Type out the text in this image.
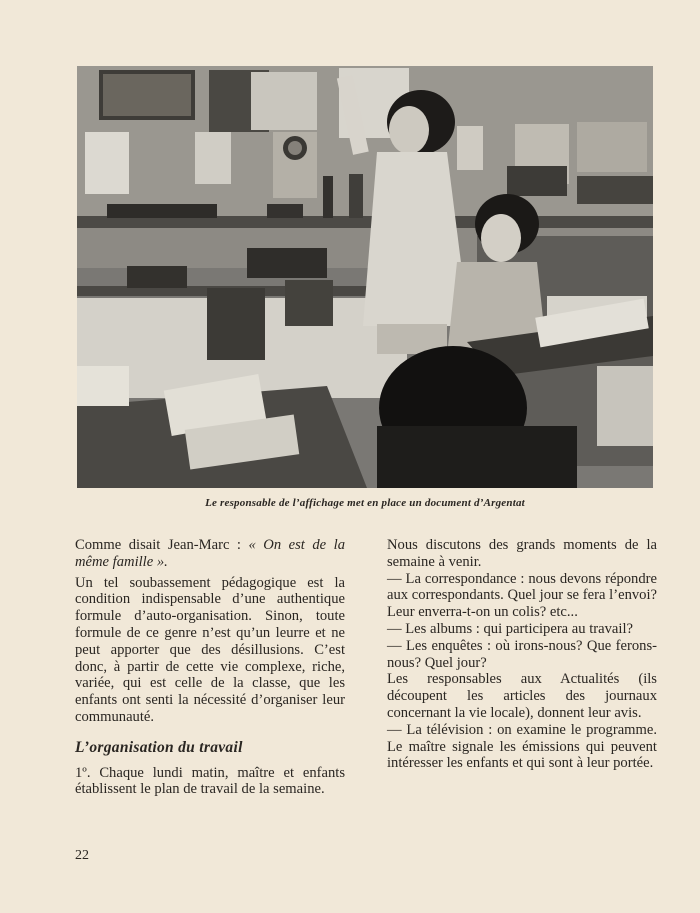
Le responsable de l’affichage met en place un document d’Argentat

Comme disait Jean-Marc : « On est de la même famille ».

Un tel soubassement pédagogique est la condition indispensable d’une authentique formule d’auto-organisation. Sinon, toute formule de ce genre n’est qu’un leurre et ne peut apporter que des désillusions. C’est donc, à partir de cette vie complexe, riche, variée, qui est celle de la classe, que les enfants ont senti la nécessité d’organiser leur communauté.

L’organisation du travail

1º. Chaque lundi matin, maître et enfants établissent le plan de travail de la semaine.

Nous discutons des grands moments de la semaine à venir.

— La correspondance : nous devons répondre aux correspondants. Quel jour se fera l’envoi? Leur enverra-t-on un colis? etc...

— Les albums : qui participera au travail?

— Les enquêtes : où irons-nous? Que ferons-nous? Quel jour?

Les responsables aux Actualités (ils découpent les articles des journaux concernant la vie locale), donnent leur avis.

— La télévision : on examine le programme. Le maître signale les émissions qui peuvent intéresser les enfants et qui sont à leur portée.

22
